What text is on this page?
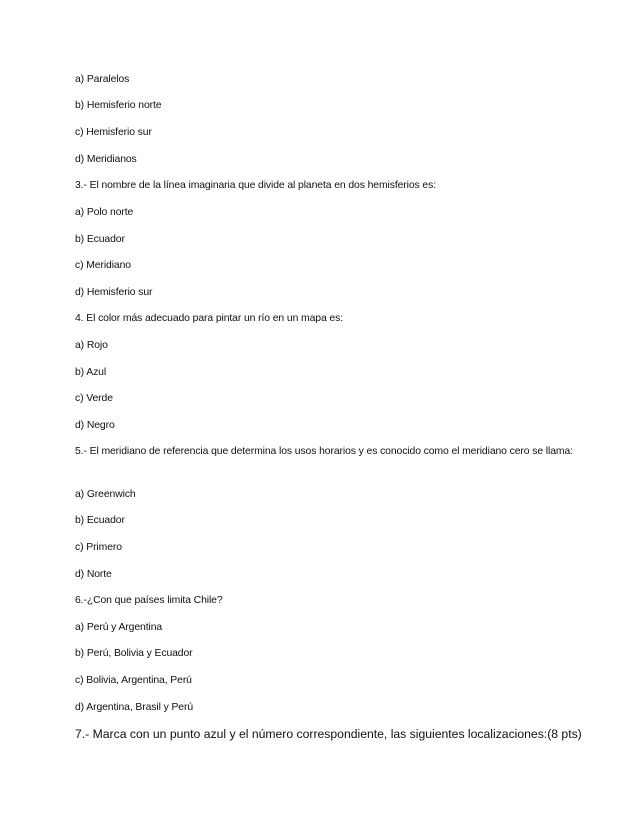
a) Paralelos
b) Hemisferio norte
c) Hemisferio sur
d) Meridianos
3.- El nombre de la línea imaginaria que divide al planeta en dos hemisferios es:
a) Polo norte
b) Ecuador
c) Meridiano
d) Hemisferio sur
4. El color más adecuado para pintar un río en un mapa es:
a) Rojo
b) Azul
c) Verde
d) Negro
5.- El meridiano de referencia que determina los usos horarios y es conocido como el meridiano cero se llama:
a) Greenwich
b) Ecuador
c) Primero
d) Norte
6.-¿Con que países limita Chile?
a) Perú y Argentina
b) Perú, Bolivia y Ecuador
c) Bolivia, Argentina, Perú
d) Argentina, Brasil y Perú
7.- Marca con un punto azul y el número correspondiente, las siguientes localizaciones:(8 pts)
